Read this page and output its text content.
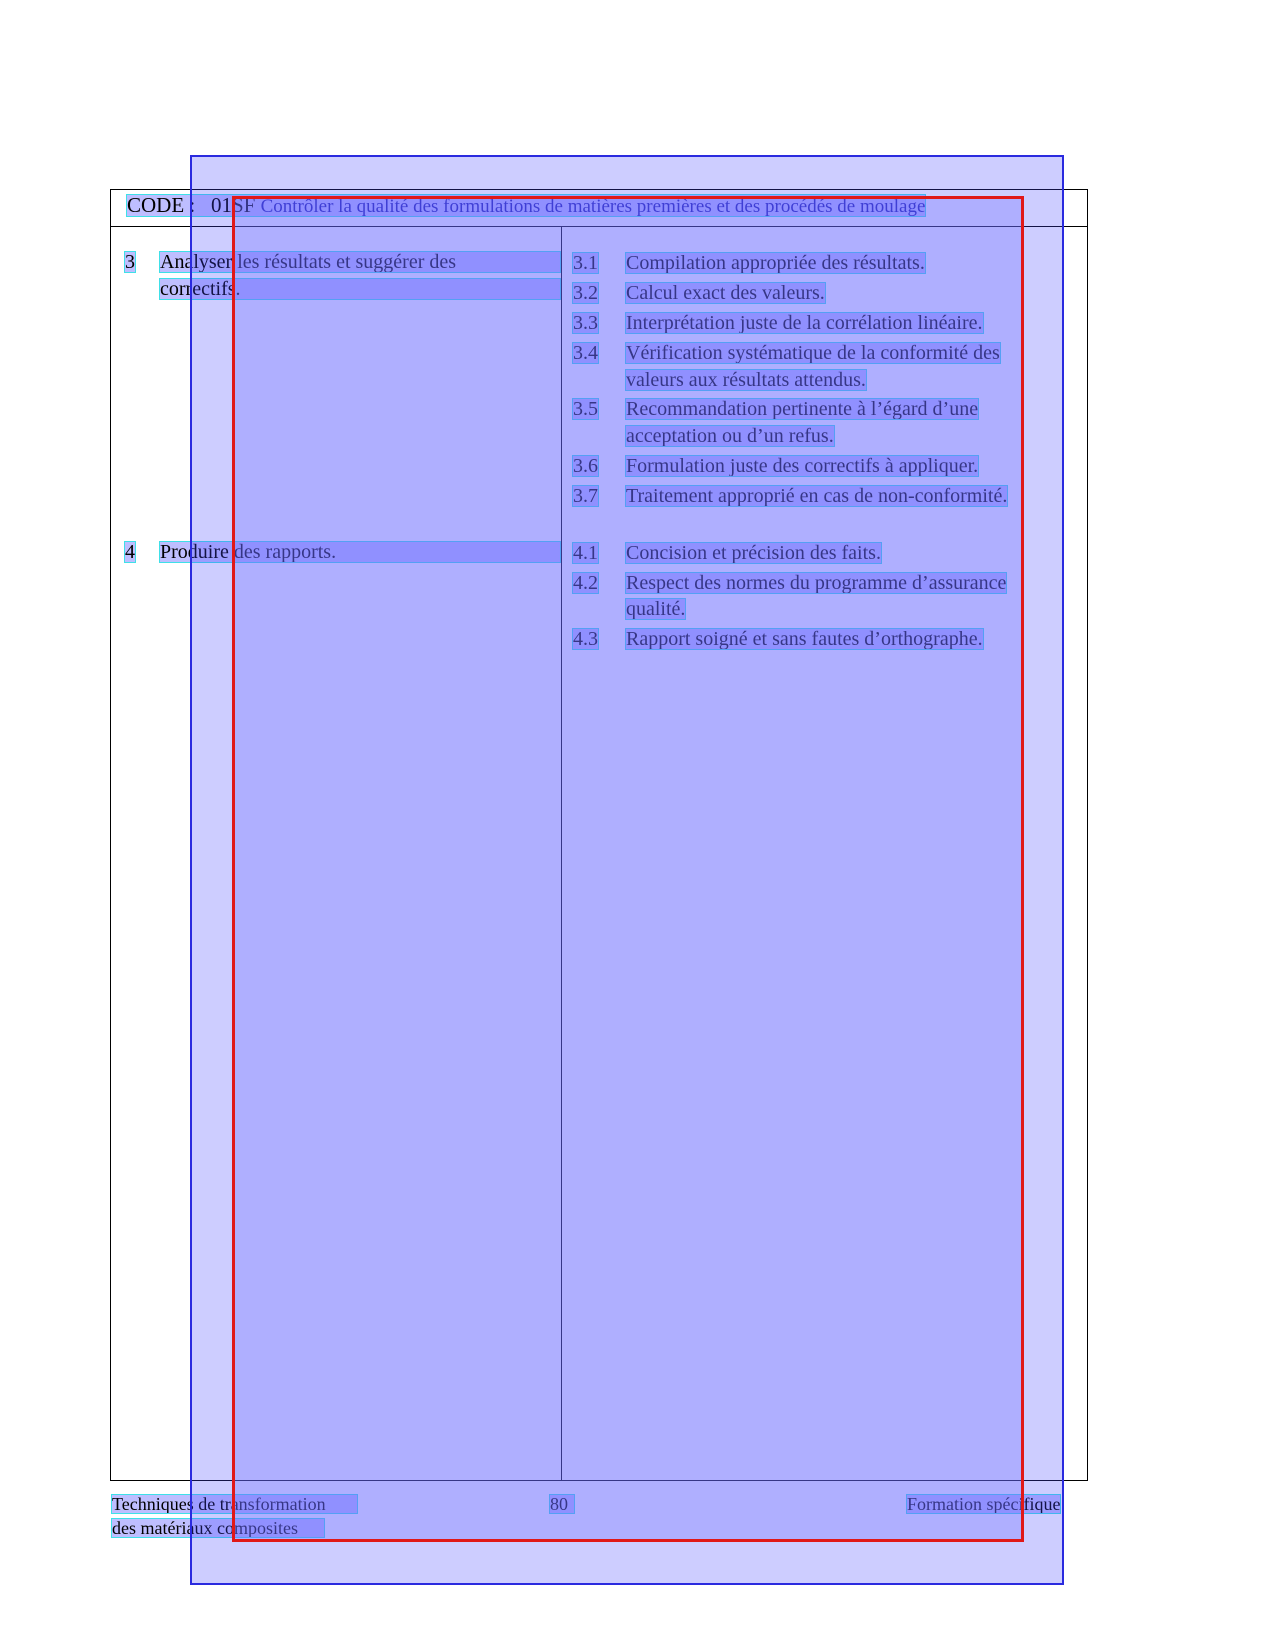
CODE : 01SF Contrôler la qualité des formulations de matières premières et des procédés de moulage
3 Analyser les résultats et suggérer des
correctifs.
3.1 Compilation appropriée des résultats.
3.2 Calcul exact des valeurs.
3.3 Interprétation juste de la corrélation linéaire.
3.4 Vérification systématique de la conformité des
valeurs aux résultats attendus.
3.5 Recommandation pertinente à l’égard d’une
acceptation ou d’un refus.
3.6 Formulation juste des correctifs à appliquer.
3.7 Traitement approprié en cas de non-conformité.
4 Produire des rapports.	4.1 Concision et précision des faits.
4.2 Respect des normes du programme d’assurance
qualité.
4.3 Rapport soigné et sans fautes d’orthographe.
Techniques de transformation
des matériaux composites
80	Formation spécifique
